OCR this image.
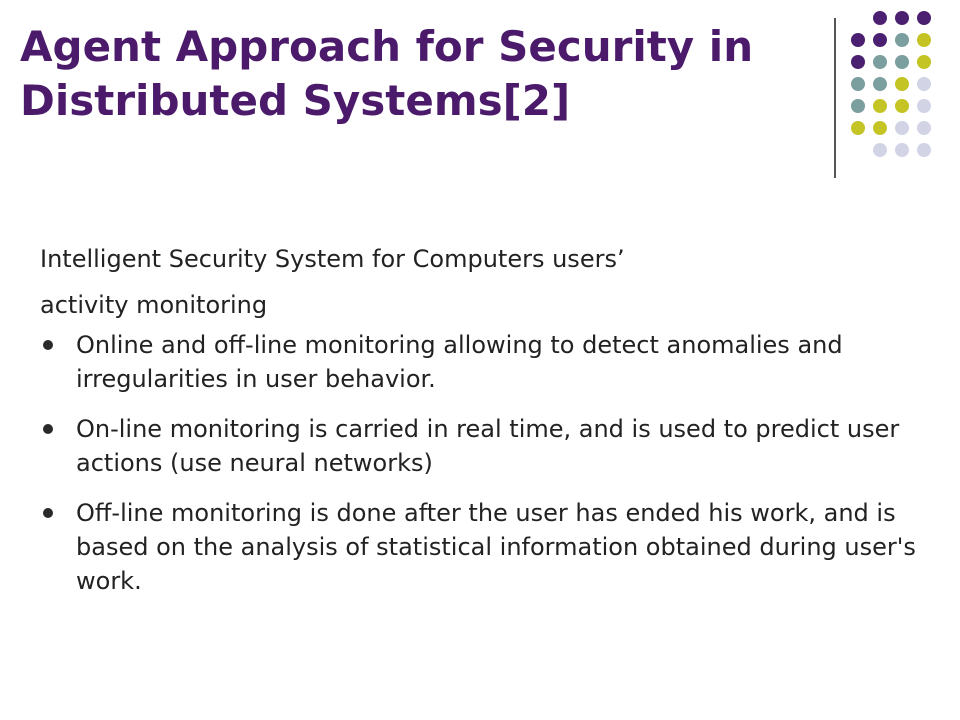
Agent Approach for Security in Distributed Systems[2]

Intelligent Security System for Computers users’

activity monitoring

Online and off-line monitoring allowing to detect anomalies and irregularities in user behavior.
On-line monitoring is carried in real time, and is used to predict user actions (use neural networks)
Off-line monitoring is done after the user has ended his work, and is based on the analysis of statistical information obtained during user's work.
